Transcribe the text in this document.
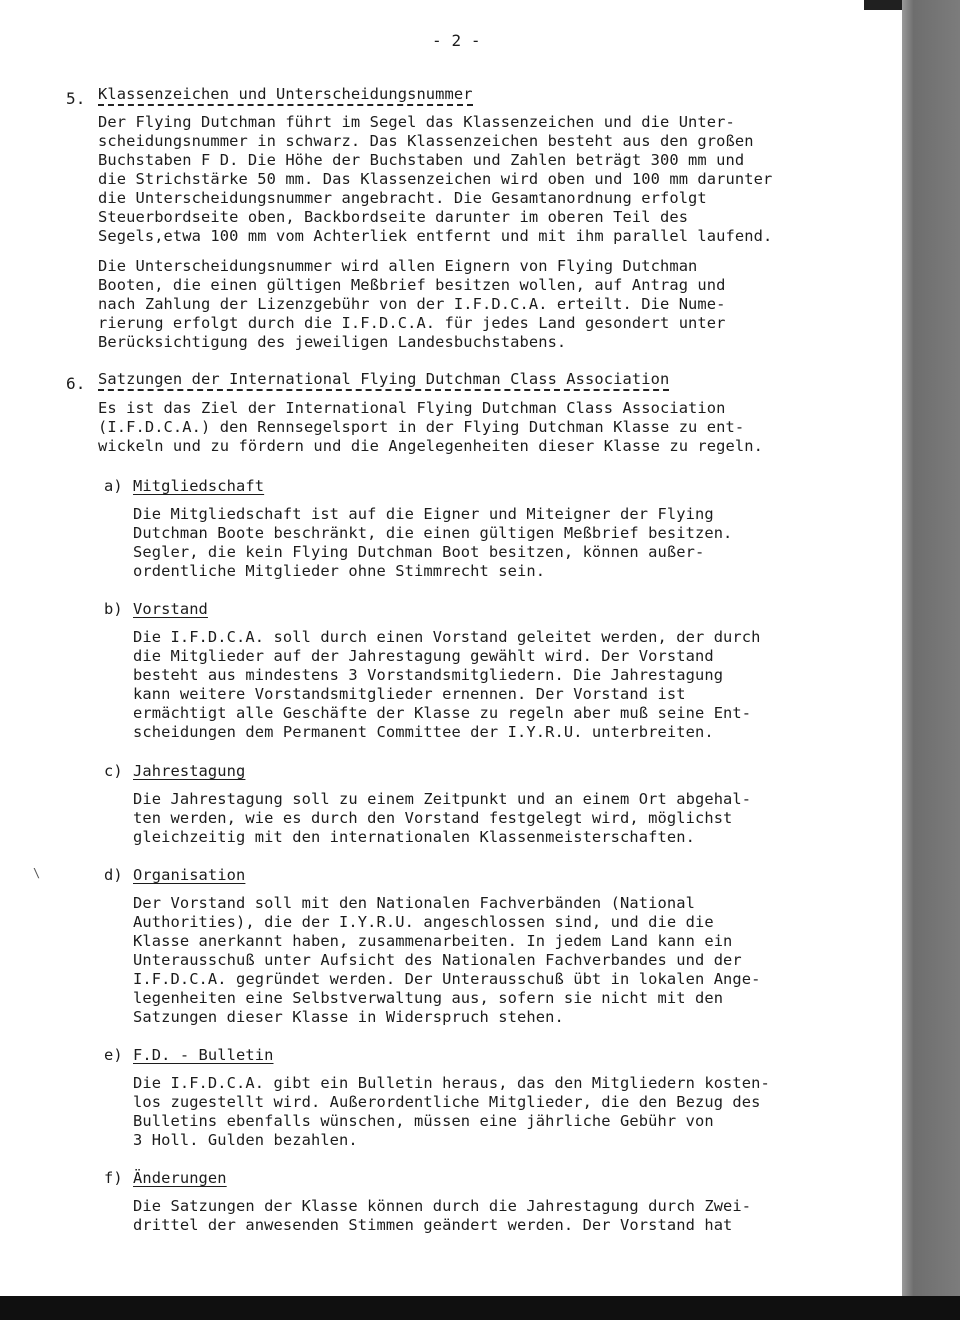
- 2 -
5. Klassenzeichen und Unterscheidungsnummer
Der Flying Dutchman führt im Segel das Klassenzeichen und die Unter-
scheidungsnummer in schwarz. Das Klassenzeichen besteht aus den großen
Buchstaben F D. Die Höhe der Buchstaben und Zahlen beträgt 300 mm und
die Strichstärke 50 mm. Das Klassenzeichen wird oben und 100 mm darunter
die Unterscheidungsnummer angebracht. Die Gesamtanordnung erfolgt
Steuerbordseite oben, Backbordseite darunter im oberen Teil des
Segels,etwa 100 mm vom Achterliek entfernt und mit ihm parallel laufend.
Die Unterscheidungsnummer wird allen Eignern von Flying Dutchman
Booten, die einen gültigen Meßbrief besitzen wollen, auf Antrag und
nach Zahlung der Lizenzgebühr von der I.F.D.C.A. erteilt. Die Nume-
rierung erfolgt durch die I.F.D.C.A. für jedes Land gesondert unter
Berücksichtigung des jeweiligen Landesbuchstabens.
6. Satzungen der International Flying Dutchman Class Association
Es ist das Ziel der International Flying Dutchman Class Association
(I.F.D.C.A.) den Rennsegelsport in der Flying Dutchman Klasse zu ent-
wickeln und zu fördern und die Angelegenheiten dieser Klasse zu regeln.
a) Mitgliedschaft
Die Mitgliedschaft ist auf die Eigner und Miteigner der Flying
Dutchman Boote beschränkt, die einen gültigen Meßbrief besitzen.
Segler, die kein Flying Dutchman Boot besitzen, können außer-
ordentliche Mitglieder ohne Stimmrecht sein.
b) Vorstand
Die I.F.D.C.A. soll durch einen Vorstand geleitet werden, der durch
die Mitglieder auf der Jahrestagung gewählt wird. Der Vorstand
besteht aus mindestens 3 Vorstandsmitgliedern. Die Jahrestagung
kann weitere Vorstandsmitglieder ernennen. Der Vorstand ist
ermächtigt alle Geschäfte der Klasse zu regeln aber muß seine Ent-
scheidungen dem Permanent Committee der I.Y.R.U. unterbreiten.
c) Jahrestagung
Die Jahrestagung soll zu einem Zeitpunkt und an einem Ort abgehal-
ten werden, wie es durch den Vorstand festgelegt wird, möglichst
gleichzeitig mit den internationalen Klassenmeisterschaften.
\	d) Organisation
Der Vorstand soll mit den Nationalen Fachverbänden (National
Authorities), die der I.Y.R.U. angeschlossen sind, und die die
Klasse anerkannt haben, zusammenarbeiten. In jedem Land kann ein
Unterausschuß unter Aufsicht des Nationalen Fachverbandes und der
I.F.D.C.A. gegründet werden. Der Unterausschuß übt in lokalen Ange-
legenheiten eine Selbstverwaltung aus, sofern sie nicht mit den
Satzungen dieser Klasse in Widerspruch stehen.
e) F.D. - Bulletin
Die I.F.D.C.A. gibt ein Bulletin heraus, das den Mitgliedern kosten-
los zugestellt wird. Außerordentliche Mitglieder, die den Bezug des
Bulletins ebenfalls wünschen, müssen eine jährliche Gebühr von
3 Holl. Gulden bezahlen.
f) Änderungen
Die Satzungen der Klasse können durch die Jahrestagung durch Zwei-
drittel der anwesenden Stimmen geändert werden. Der Vorstand hat
